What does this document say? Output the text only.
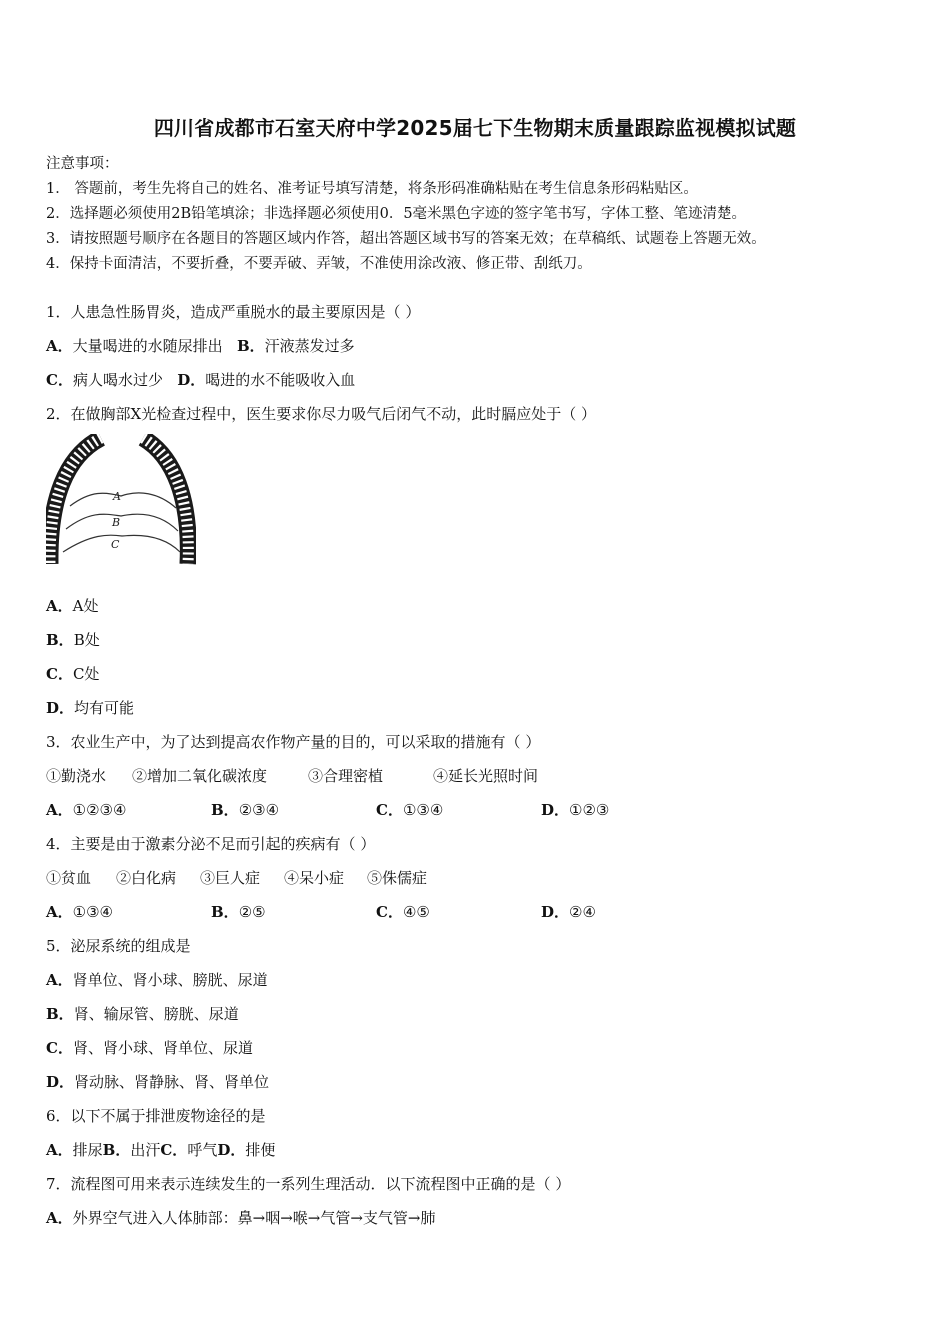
四川省成都市石室天府中学2025届七下生物期末质量跟踪监视模拟试题
注意事项：
1． 答题前，考生先将自己的姓名、准考证号填写清楚，将条形码准确粘贴在考生信息条形码粘贴区。
2．选择题必须使用2B铅笔填涂；非选择题必须使用0．5毫米黑色字迹的签字笔书写，字体工整、笔迹清楚。
3．请按照题号顺序在各题目的答题区域内作答，超出答题区域书写的答案无效；在草稿纸、试题卷上答题无效。
4．保持卡面清洁，不要折叠，不要弄破、弄皱，不准使用涂改液、修正带、刮纸刀。
1．人患急性肠胃炎，造成严重脱水的最主要原因是（ ）
A．大量喝进的水随尿排出 B．汗液蒸发过多
C．病人喝水过少 D．喝进的水不能吸收入血
2．在做胸部X光检查过程中，医生要求你尽力吸气后闭气不动，此时膈应处于（ ）
A
B
C
A．A处
B．B处
C．C处
D．均有可能
3．农业生产中，为了达到提高农作物产量的目的，可以采取的措施有（ ）
①勤浇水 ②增加二氧化碳浓度	③合理密植	④延长光照时间
A．①②③④	B．②③④	C．①③④	D．①②③
4．主要是由于激素分泌不足而引起的疾病有（ ）
①贫血 ②白化病 ③巨人症 ④呆小症 ⑤侏儒症
A．①③④	B．②⑤	C．④⑤	D．②④
5．泌尿系统的组成是
A．肾单位、肾小球、膀胱、尿道
B．肾、输尿管、膀胱、尿道
C．肾、肾小球、肾单位、尿道
D．肾动脉、肾静脉、肾、肾单位
6．以下不属于排泄废物途径的是
A．排尿B．出汗C．呼气D．排便
7．流程图可用来表示连续发生的一系列生理活动．以下流程图中正确的是（ ）
A．外界空气进入人体肺部：鼻→咽→喉→气管→支气管→肺
